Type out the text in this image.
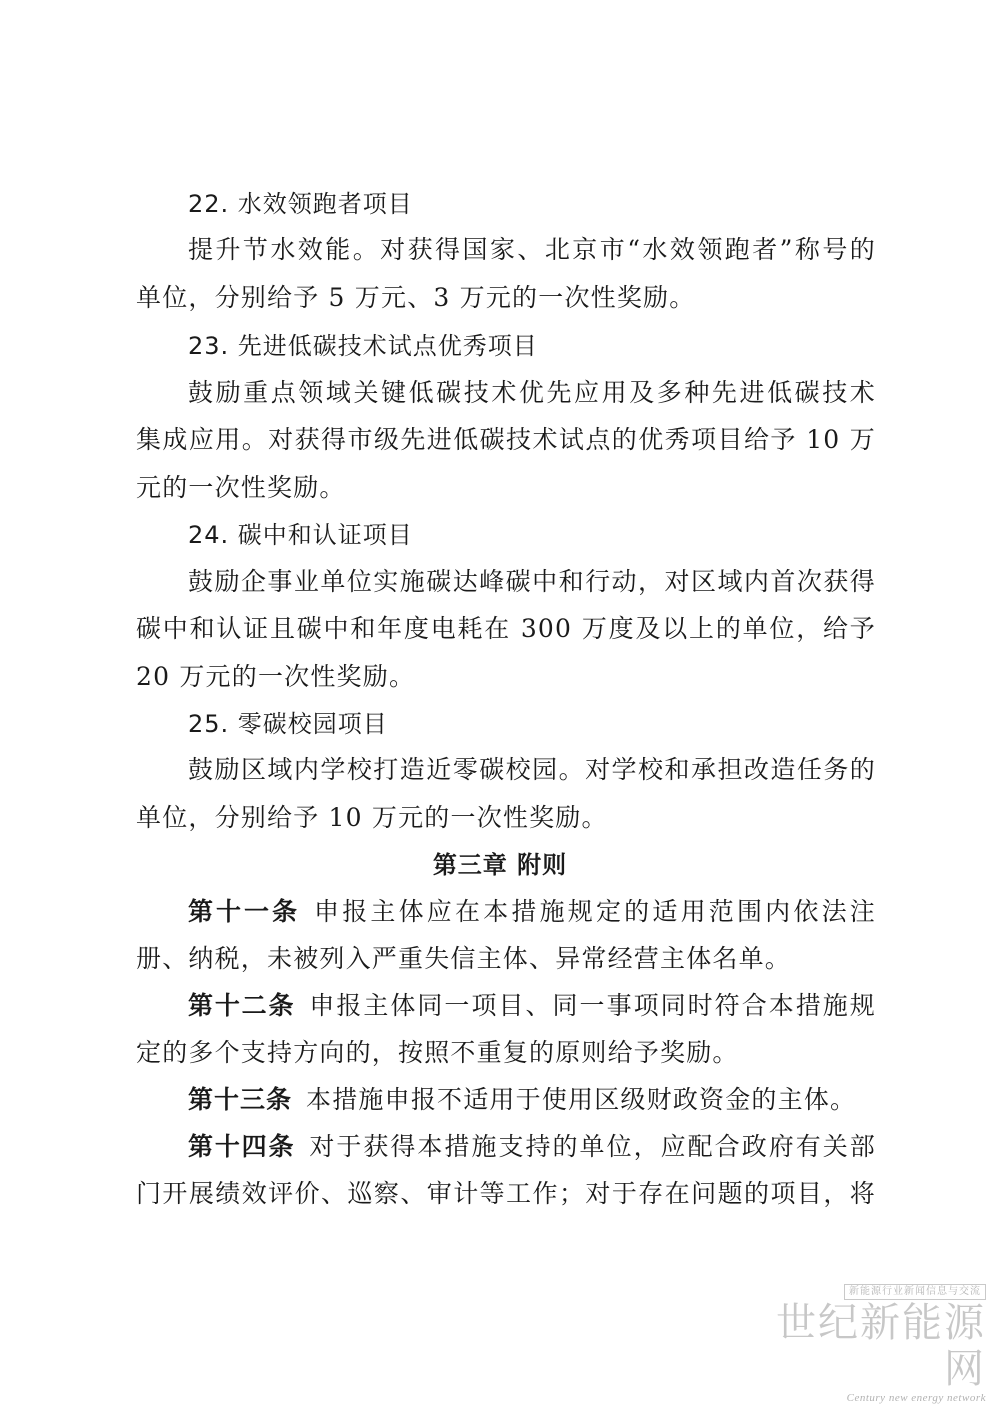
22. 水效领跑者项目
提升节水效能。对获得国家、北京市“水效领跑者”称号的
单位，分别给予 5 万元、3 万元的一次性奖励。
23. 先进低碳技术试点优秀项目
鼓励重点领域关键低碳技术优先应用及多种先进低碳技术
集成应用。对获得市级先进低碳技术试点的优秀项目给予 10 万
元的一次性奖励。
24. 碳中和认证项目
鼓励企事业单位实施碳达峰碳中和行动，对区域内首次获得
碳中和认证且碳中和年度电耗在 300 万度及以上的单位，给予
20 万元的一次性奖励。
25. 零碳校园项目
鼓励区域内学校打造近零碳校园。对学校和承担改造任务的
单位，分别给予 10 万元的一次性奖励。
第三章 附则
第十一条 申报主体应在本措施规定的适用范围内依法注
册、纳税，未被列入严重失信主体、异常经营主体名单。
第十二条 申报主体同一项目、同一事项同时符合本措施规
定的多个支持方向的，按照不重复的原则给予奖励。
第十三条 本措施申报不适用于使用区级财政资金的主体。
第十四条 对于获得本措施支持的单位，应配合政府有关部
门开展绩效评价、巡察、审计等工作；对于存在问题的项目，将
新能源行业新闻信息与交流
世纪新能源网
Century new energy network
